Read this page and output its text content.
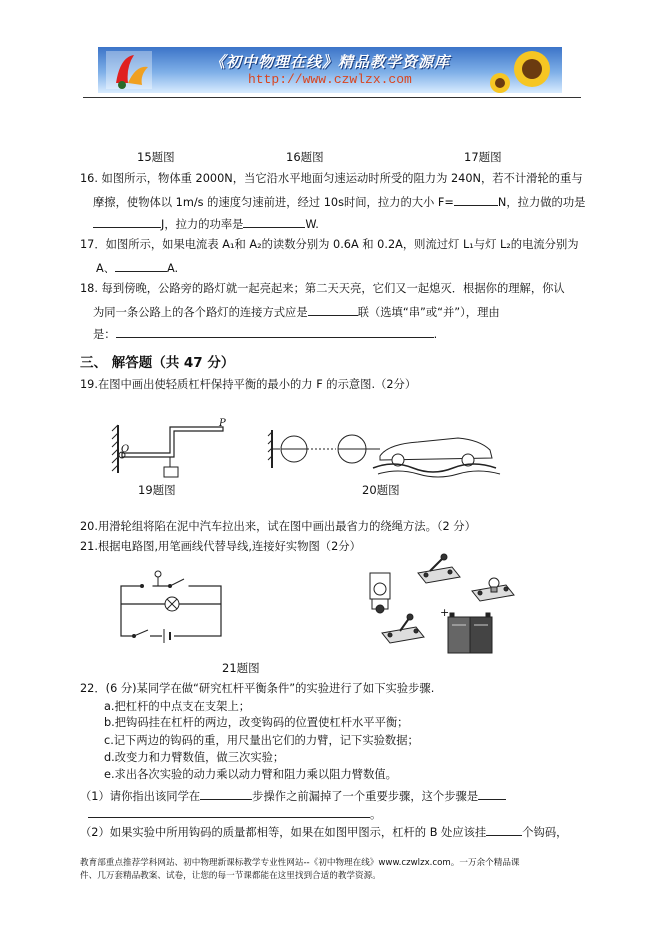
《初中物理在线》精品教学资源库
http://www.czwlzx.com
15题图	16题图	17题图
16. 如图所示，物体重 2000N，当它沿水平地面匀速运动时所受的阻力为 240N，若不计滑轮的重与
摩擦，使物体以 1m/s 的速度匀速前进，经过 10s时间，拉力的大小 F=	N，拉力做的功是
J，拉力的功率是	W.
17．如图所示，如果电流表 A₁和 A₂的读数分别为 0.6A 和 0.2A，则流过灯 L₁与灯 L₂的电流分别为
A、	A.
18. 每到傍晚，公路旁的路灯就一起亮起来；第二天天亮，它们又一起熄灭．根据你的理解，你认
为同一条公路上的各个路灯的连接方式应是	联（选填“串”或“并”），理由
是：	.
三、 解答题（共 47 分）
19.在图中画出使轻质杠杆保持平衡的最小的力 F 的示意图.（2分）
O
P
19题图	20题图
20.用滑轮组将陷在泥中汽车拉出来，试在图中画出最省力的绕绳方法。（2 分）
21.根据电路图,用笔画线代替导线,连接好实物图（2分）
+
21题图
22．(6 分)某同学在做“研究杠杆平衡条件”的实验进行了如下实验步骤.
a.把杠杆的中点支在支架上；
b.把钩码挂在杠杆的两边，改变钩码的位置使杠杆水平平衡；
c.记下两边的钩码的重，用尺量出它们的力臂，记下实验数据；
d.改变力和力臂数值，做三次实验；
e.求出各次实验的动力乘以动力臂和阻力乘以阻力臂数值。
（1）请你指出该同学在	步操作之前漏掉了一个重要步骤，这个步骤是
。
（2）如果实验中所用钩码的质量都相等，如果在如图甲图示，杠杆的 B 处应该挂	个钩码，
教育部重点推荐学科网站、初中物理新课标教学专业性网站--《初中物理在线》www.czwlzx.com。一万余个精品课
件、几万套精品教案、试卷，让您的每一节课都能在这里找到合适的教学资源。
